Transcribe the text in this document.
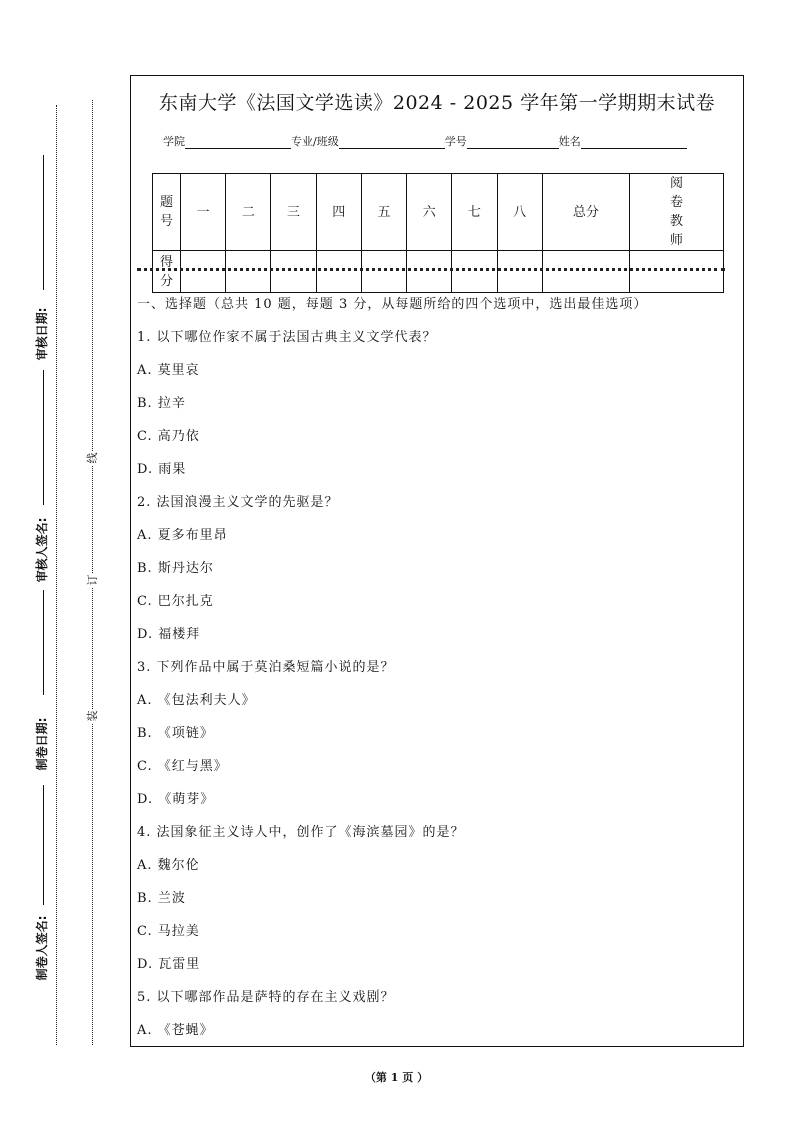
审核日期:
审核人签名:
制卷日期:
制卷人签名:
线
订
装
东南大学《法国文学选读》2024 - 2025 学年第一学期期末试卷
学院	专业/班级	学号	姓名
题号	一	二	三	四	五	六	七	八	总分	阅卷教师
得分										
一、选择题（总共 10 题，每题 3 分，从每题所给的四个选项中，选出最佳选项）
1. 以下哪位作家不属于法国古典主义文学代表？
A. 莫里哀
B. 拉辛
C. 高乃依
D. 雨果
2. 法国浪漫主义文学的先驱是？
A. 夏多布里昂
B. 斯丹达尔
C. 巴尔扎克
D. 福楼拜
3. 下列作品中属于莫泊桑短篇小说的是？
A. 《包法利夫人》
B. 《项链》
C. 《红与黑》
D. 《萌芽》
4. 法国象征主义诗人中，创作了《海滨墓园》的是？
A. 魏尔伦
B. 兰波
C. 马拉美
D. 瓦雷里
5. 以下哪部作品是萨特的存在主义戏剧？
A. 《苍蝇》
（第 1 页 ）
